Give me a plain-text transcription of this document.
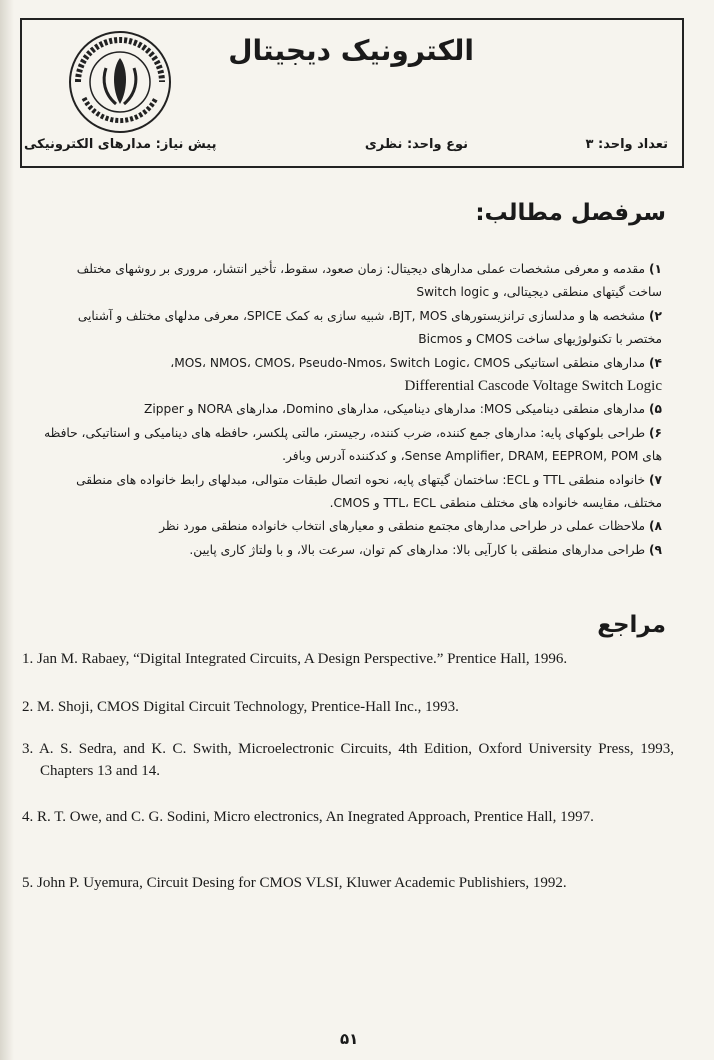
الکترونیک دیجیتال
تعداد واحد: ۳
نوع واحد: نظری
پیش نیاز: مدارهای الکترونیکی
سرفصل مطالب:
۱) مقدمه و معرفی مشخصات عملی مدارهای دیجیتال: زمان صعود، سقوط، تأخیر انتشار، مروری بر روشهای مختلف ساخت گیتهای منطقی دیجیتالی، و Switch logic
۲) مشخصه ها و مدلسازی ترانزیستورهای BJT, MOS، شبیه سازی به کمک SPICE، معرفی مدلهای مختلف و آشنایی مختصر با تکنولوژیهای ساخت CMOS و Bicmos
۴) مدارهای منطقی استاتیکی MOS، NMOS، CMOS، Pseudo-Nmos، Switch Logic، CMOS،
Differential Cascode Voltage Switch Logic
۵) مدارهای منطقی دینامیکی MOS: مدارهای دینامیکی، مدارهای Domino، مدارهای NORA و Zipper
۶) طراحی بلوکهای پایه: مدارهای جمع کننده، ضرب کننده، رجیستر، مالتی پلکسر، حافظه های دینامیکی و استاتیکی، حافظه های Sense Amplifier, DRAM, EEPROM, POM، و کدکننده آدرس وبافر.
۷) خانواده منطقی TTL و ECL: ساختمان گیتهای پایه، نحوه اتصال طبقات متوالی، مبدلهای رابط خانواده های منطقی مختلف، مقایسه خانواده های مختلف منطقی TTL، ECL و CMOS.
۸) ملاحظات عملی در طراحی مدارهای مجتمع منطقی و معیارهای انتخاب خانواده منطقی مورد نظر
۹) طراحی مدارهای منطقی با کارآیی بالا: مدارهای کم توان، سرعت بالا، و با ولتاژ کاری پایین.
مراجع
1. Jan M. Rabaey, “Digital Integrated Circuits, A Design Perspective.” Prentice Hall, 1996.
2. M. Shoji, CMOS Digital Circuit Technology, Prentice-Hall Inc., 1993.
3. A. S. Sedra, and K. C. Swith, Microelectronic Circuits, 4th Edition, Oxford University Press, 1993, Chapters 13 and 14.
4. R. T. Owe, and C. G. Sodini, Micro electronics, An Inegrated Approach, Prentice Hall, 1997.
5. John P. Uyemura, Circuit Desing for CMOS VLSI, Kluwer Academic Publishiers, 1992.
۵۱
